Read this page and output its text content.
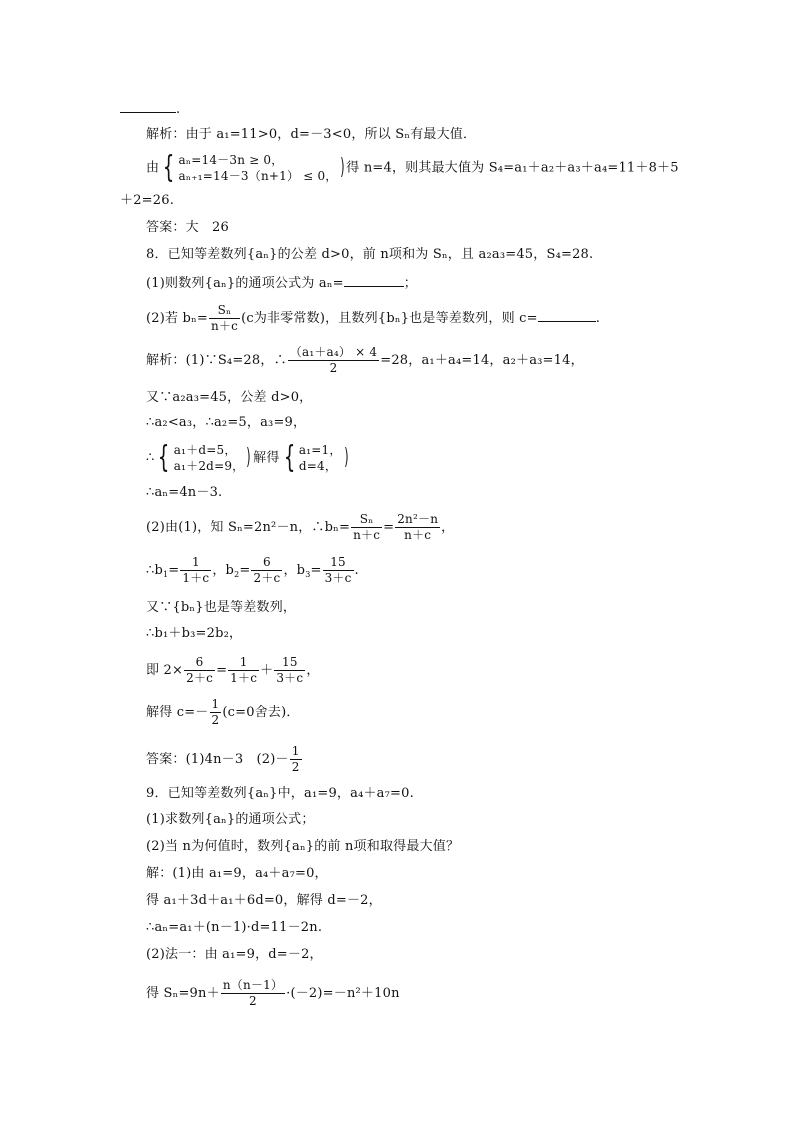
.
解析：由于 a₁=11>0，d=－3<0，所以 Sₙ有最大值．
由 { aₙ=14－3n ≥ 0，
aₙ₊₁=14－3（n+1） ≤ 0， ) 得 n=4，则其最大值为 S₄=a₁＋a₂＋a₃＋a₄=11＋8＋5
＋2=26.
答案：大　26
8．已知等差数列{aₙ}的公差 d>0，前 n项和为 Sₙ，且 a₂a₃=45，S₄=28.
(1)则数列{aₙ}的通项公式为 aₙ=	；
(2)若 $b_n= \frac{\text{Sₙ}}{n+c} (c$为非零常数)，且数列{bₙ}也是等差数列，则 c=	.
解析：(1)∵S₄=28，∴ $\frac{\text{（a₁＋a₄） × 4}}{2} =28$，a₁＋a₄=14，a₂＋a₃=14，
又∵a₂a₃=45，公差 d>0，
∴a₂<a₃，∴a₂=5，a₃=9，
∴ { a₁＋d=5，
a₁＋2d=9， ) 解得 { a₁=1，
d=4， )
∴aₙ=4n－3.
(2)由(1)，知 Sₙ=2n²－n，∴bₙ= $\frac{\text{Sₙ}}{n+c} = \frac{\text{2n²－n}}{n+c}$ ，
$\therefore b_1= \frac{1}{1+c}$ ，$b_2= \frac{6}{2+c}$ ，$b_3= \frac{15}{3+c}$ .
又∵{bₙ}也是等差数列，
∴b₁＋b₃=2b₂，
即 $2\times \frac{6}{2+c} = \frac{1}{1+c} + \frac{15}{3+c}$ ，
解得 $c=- \frac{1}{2} (c=0$舍去)．
答案：(1)4n－3　$(2)- \frac{1}{2}$
9．已知等差数列{aₙ}中，a₁=9，a₄＋a₇=0.
(1)求数列{aₙ}的通项公式；
(2)当 n为何值时，数列{aₙ}的前 n项和取得最大值？
解：(1)由 a₁=9，a₄＋a₇=0，
得 a₁＋3d＋a₁＋6d=0，解得 d=－2，
∴aₙ=a₁＋(n－1)·d=11－2n.
(2)法一：由 a₁=9，d=－2，
得 $S_n=9n+ \frac{n(n-1)}{2} \cdot(-2)=-n^2+10n$
